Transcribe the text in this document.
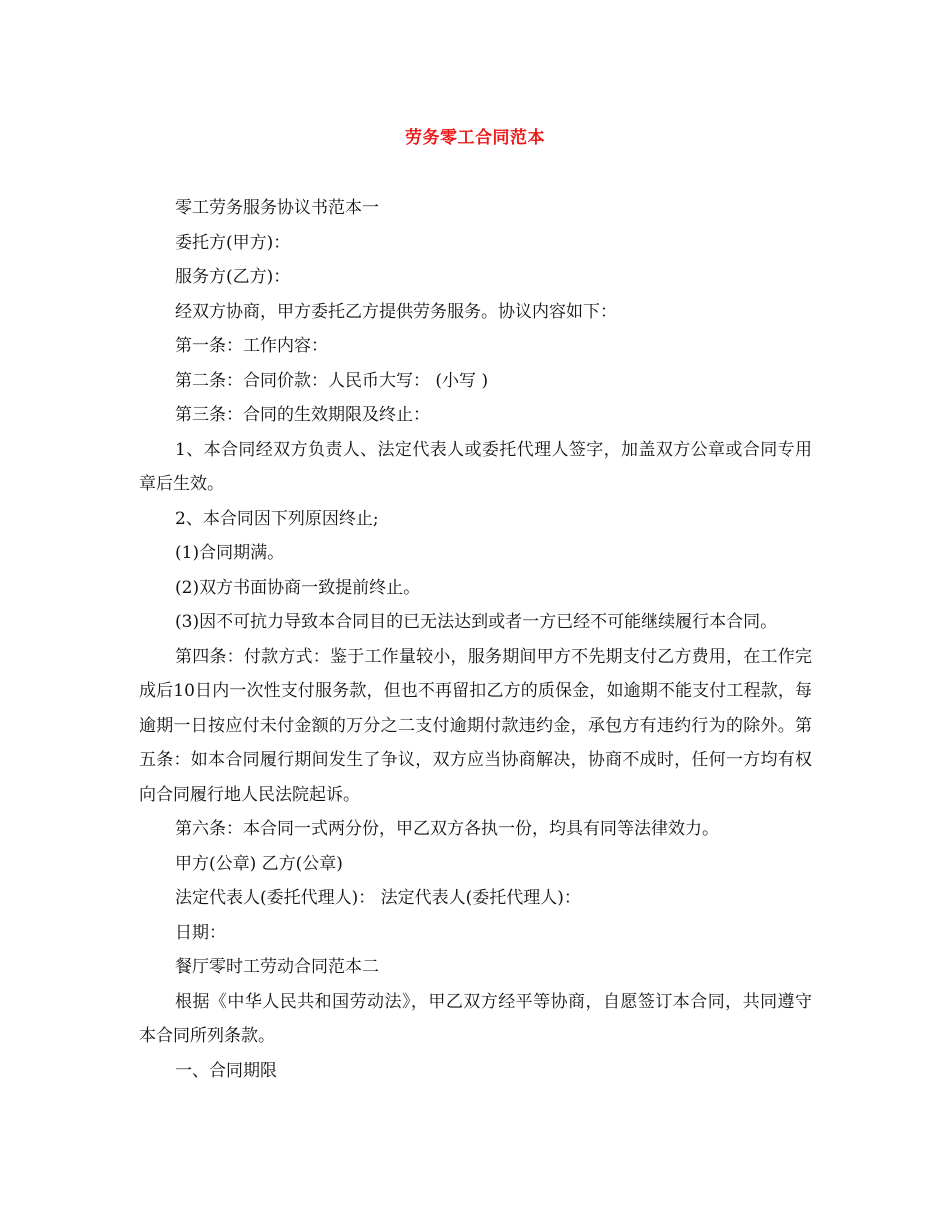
劳务零工合同范本

零工劳务服务协议书范本一

委托方(甲方)：

服务方(乙方)：

经双方协商，甲方委托乙方提供劳务服务。协议内容如下：

第一条：工作内容：

第二条：合同价款：人民币大写： (小写 )

第三条：合同的生效期限及终止：

1、本合同经双方负责人、法定代表人或委托代理人签字，加盖双方公章或合同专用章后生效。

2、本合同因下列原因终止;

(1)合同期满。

(2)双方书面协商一致提前终止。

(3)因不可抗力导致本合同目的已无法达到或者一方已经不可能继续履行本合同。

第四条：付款方式：鉴于工作量较小，服务期间甲方不先期支付乙方费用，在工作完成后10日内一次性支付服务款，但也不再留扣乙方的质保金，如逾期不能支付工程款，每逾期一日按应付未付金额的万分之二支付逾期付款违约金，承包方有违约行为的除外。第五条：如本合同履行期间发生了争议，双方应当协商解决，协商不成时，任何一方均有权向合同履行地人民法院起诉。

第六条：本合同一式两分份，甲乙双方各执一份，均具有同等法律效力。

甲方(公章) 乙方(公章)

法定代表人(委托代理人)： 法定代表人(委托代理人)：

日期：

餐厅零时工劳动合同范本二

根据《中华人民共和国劳动法》，甲乙双方经平等协商，自愿签订本合同，共同遵守本合同所列条款。

一、合同期限
